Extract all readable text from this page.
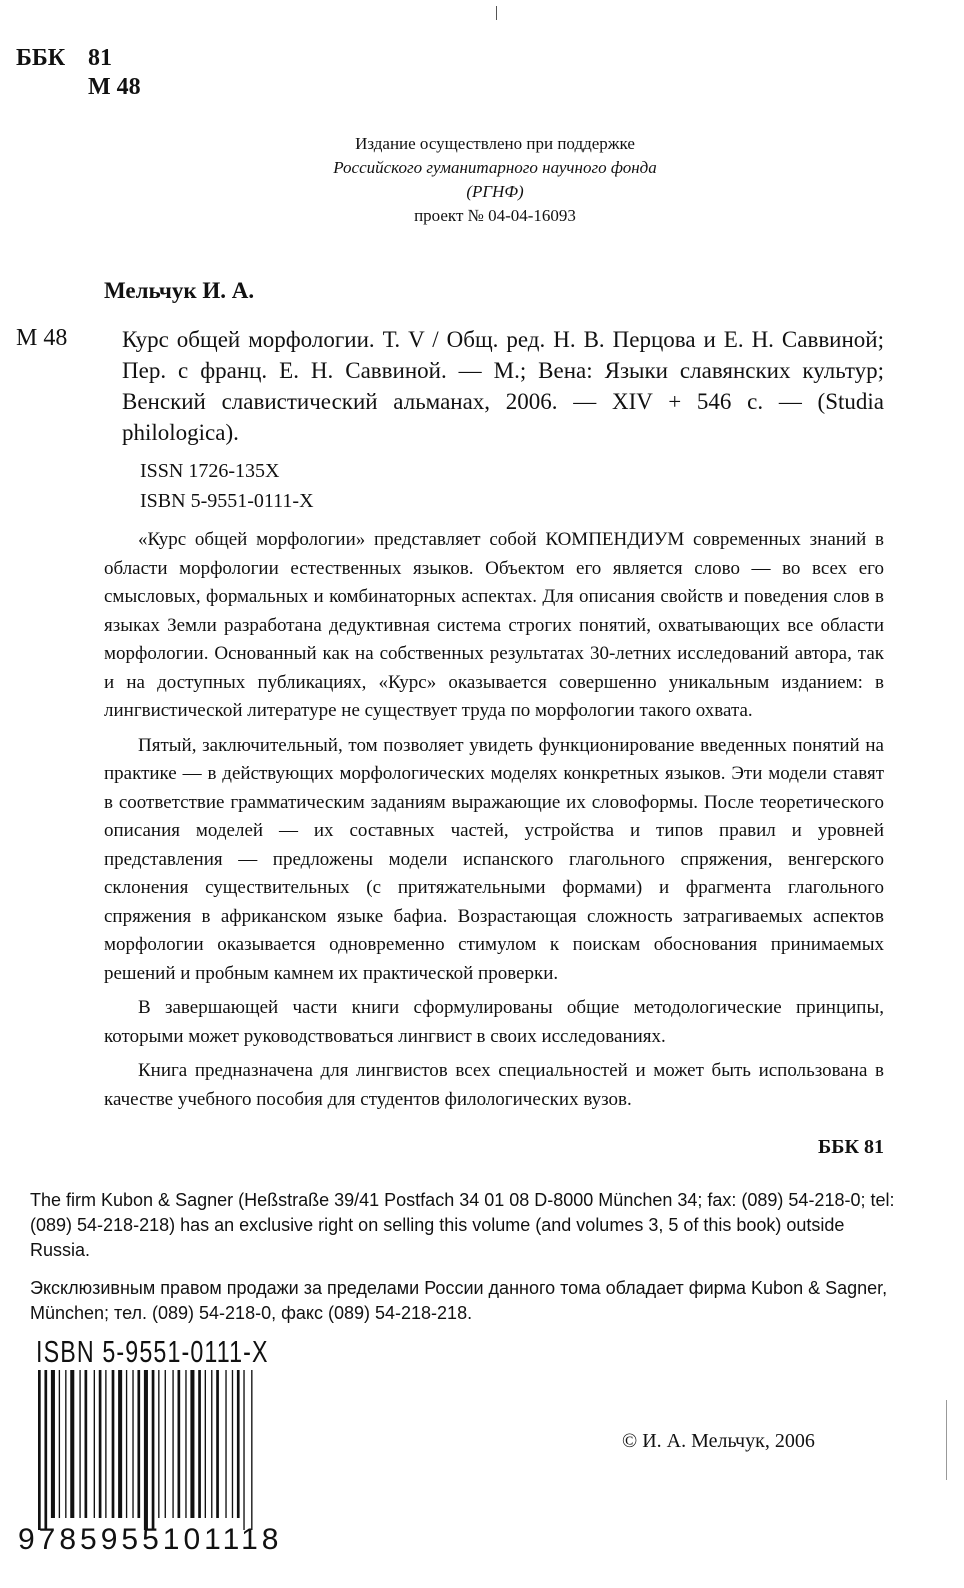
ББК 81
М 48
Издание осуществлено при поддержке
Российского гуманитарного научного фонда
(РГНФ)
проект № 04-04-16093
Мельчук И. А.
М 48 Курс общей морфологии. Т. V / Общ. ред. Н. В. Перцова и Е. Н. Саввиной; Пер. с франц. Е. Н. Саввиной. — М.; Вена: Языки славянских культур; Венский славистический альманах, 2006. — XIV + 546 с. — (Studia philologica).
ISSN 1726-135X
ISBN 5-9551-0111-X

«Курс общей морфологии» представляет собой КОМПЕНДИУМ современных знаний в области морфологии естественных языков. Объектом его является слово — во всех его смысловых, формальных и комбинаторных аспектах. Для описания свойств и поведения слов в языках Земли разработана дедуктивная система строгих понятий, охватывающих все области морфологии. Основанный как на собственных результатах 30-летних исследований автора, так и на доступных публикациях, «Курс» оказывается совершенно уникальным изданием: в лингвистической литературе не существует труда по морфологии такого охвата.

Пятый, заключительный, том позволяет увидеть функционирование введенных понятий на практике — в действующих морфологических моделях конкретных языков. Эти модели ставят в соответствие грамматическим заданиям выражающие их словоформы. После теоретического описания моделей — их составных частей, устройства и типов правил и уровней представления — предложены модели испанского глагольного спряжения, венгерского склонения существительных (с притяжательными формами) и фрагмента глагольного спряжения в африканском языке бафиа. Возрастающая сложность затрагиваемых аспектов морфологии оказывается одновременно стимулом к поискам обоснования принимаемых решений и пробным камнем их практической проверки.

В завершающей части книги сформулированы общие методологические принципы, которыми может руководствоваться лингвист в своих исследованиях.

Книга предназначена для лингвистов всех специальностей и может быть использована в качестве учебного пособия для студентов филологических вузов.

ББК 81
The firm Kubon & Sagner (Heßstraße 39/41 Postfach 34 01 08 D-8000 München 34; fax: (089) 54-218-0; tel: (089) 54-218-218) has an exclusive right on selling this volume (and volumes 3, 5 of this book) outside Russia.
Эксклюзивным правом продажи за пределами России данного тома обладает фирма Kubon & Sagner, München; тел. (089) 54-218-0, факс (089) 54-218-218.
ISBN 5-9551-0111-X
9785955101118
© И. А. Мельчук, 2006
